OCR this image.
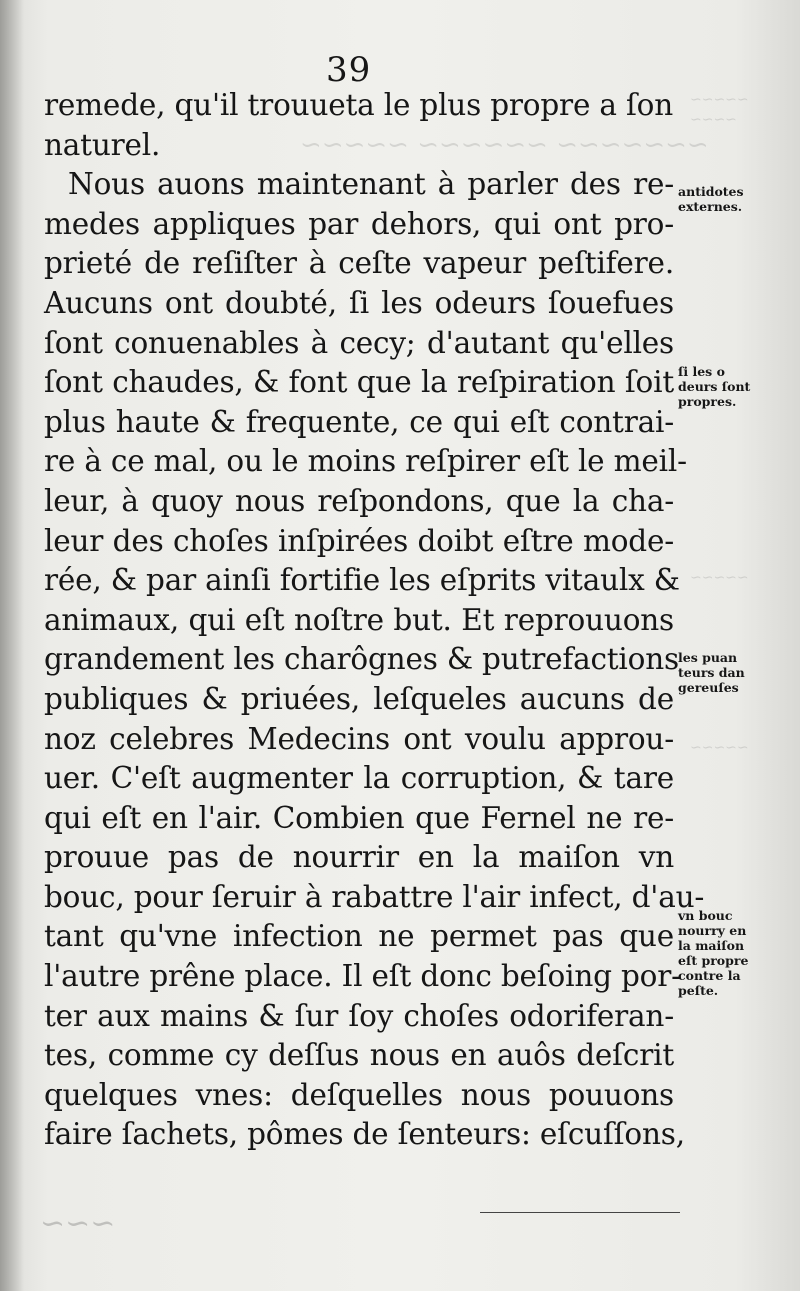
~~~~~~~ ~~~~~~ ~~~~~
~~~~~
~~~~
~~~~~
~~~~~
~~~
39
remede, qu'il trouueta le plus propre a ſon
naturel.
Nous auons maintenant à parler des re-
medes appliques par dehors, qui ont pro-
prieté de reſiſter à ceſte vapeur peſtifere.
Aucuns ont doubté, ſi les odeurs ſouefues
ſont conuenables à cecy; d'autant qu'elles
ſont chaudes, & font que la reſpiration ſoit
plus haute & frequente, ce qui eſt contrai-
re à ce mal, ou le moins reſpirer eſt le meil-
leur, à quoy nous reſpondons, que la cha-
leur des choſes inſpirées doibt eſtre mode-
rée, & par ainſi fortifie les eſprits vitaulx &
animaux, qui eſt noſtre but. Et reprouuons
grandement les charôgnes & putrefactions
publiques & priuées, leſqueles aucuns de
noz celebres Medecins ont voulu approu-
uer. C'eſt augmenter la corruption, & tare
qui eſt en l'air. Combien que Fernel ne re-
prouue pas de nourrir en la maiſon vn
bouc, pour ſeruir à rabattre l'air infect, d'au-
tant qu'vne infection ne permet pas que
l'autre prêne place. Il eſt donc beſoing por-
ter aux mains & ſur ſoy choſes odoriferan-
tes, comme cy deſſus nous en auôs deſcrit
quelques vnes: deſquelles nous pouuons
faire ſachets, pômes de ſenteurs: eſcuſſons,
antidotes
externes.
ſi les o
deurs ſont
propres.
les puan
teurs dan
gereuſes
vn bouc
nourry en
la maiſon
eſt propre
contre la
peſte.
